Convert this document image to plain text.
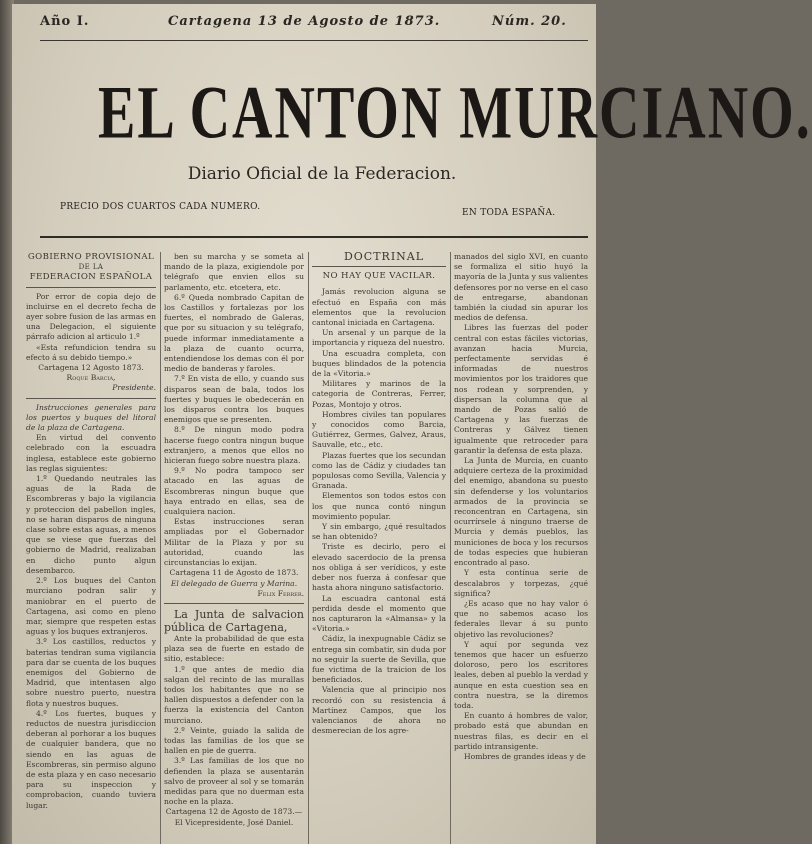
Año I.	Cartagena 13 de Agosto de 1873.	Núm. 20.
EL CANTON MURCIANO.
Diario Oficial de la Federacion.
PRECIO DOS CUARTOS CADA NUMERO.
EN TODA ESPAÑA.

GOBIERNO PROVISIONAL

DE LA

FEDERACION ESPAÑOLA

Por error de copia dejo de incluirse en el decreto fecha de ayer sobre fusion de las armas en una Delegacion, el siguiente párrafo adicion al articulo 1.º

«Esta refundicion tendra su efecto á su debido tiempo.»

Cartagena 12 Agosto 1873.

Roque Barcia,

Presidente.

Instrucciones generales para los puertos y buques del litoral de la plaza de Cartagena.

En virtud del convento celebrado con la escuadra inglesa, establece este gobierno las reglas siguientes:

1.º Quedando neutrales las aguas de la Rada de Escombreras y bajo la vigilancia y proteccion del pabellon ingles, no se haran disparos de ninguna clase sobre estas aguas, a menos que se viese que fuerzas del gobierno de Madrid, realizaban en dicho punto algun desembarco.

2.º Los buques del Canton murciano podran salir y maniobrar en el puerto de Cartagena, asi como en pleno mar, siempre que respeten estas aguas y los buques extranjeros.

3.º Los castillos, reductos y baterias tendran suma vigilancia para dar se cuenta de los buques enemigos del Gobierno de Madrid, que intentasen algo sobre nuestro puerto, nuestra flota y nuestros buques.

4.º Los fuertes, buques y reductos de nuestra jurisdiccion deberan al porhorar a los buques de cualquier bandera, que no siendo en las aguas de Escombreras, sin permiso alguno de esta plaza y en caso necesario para su inspeccion y comprobacion, cuando tuviera lugar.

ben su marcha y se someta al mando de la plaza, exigiendole por telégrafo que envien ellos su parlamento, etc. etcetera, etc.

6.º Queda nombrado Capitan de los Castillos y fortalezas por los fuertes, el nombrado de Galeras, que por su situacion y su telégrafo, puede informar inmediatamente a la plaza de cuanto ocurra, entendiendose los demas con él por medio de banderas y faroles.

7.º En vista de ello, y cuando sus disparos sean de bala, todos los fuertes y buques le obedecerán en los disparos contra los buques enemigos que se presenten.

8.º De ningun modo podra hacerse fuego contra ningun buque extranjero, a menos que ellos no hicieran fuego sobre nuestra plaza.

9.º No podra tampoco ser atacado en las aguas de Escombreras ningun buque que haya entrado en ellas, sea de cualquiera nacion.

Estas instrucciones seran ampliadas por el Gobernador Militar de la Plaza y por su autoridad, cuando las circunstancias lo exijan.

Cartagena 11 de Agosto de 1873.

El delegado de Guerra y Marina.

Felix Ferrer.

La Junta de salvacion pública de Cartagena,

Ante la probabilidad de que esta plaza sea de fuerte en estado de sitio, establece:

1.º que antes de medio dia salgan del recinto de las murallas todos los habitantes que no se hallen dispuestos a defender con la fuerza la existencia del Canton murciano.

2.º Veinte, guiado la salida de todas las familias de los que se hallen en pie de guerra.

3.º Las familias de los que no defienden la plaza se ausentarán salvo de proveer al sol y se tomarán medidas para que no duerman esta noche en la plaza.

Cartagena 12 de Agosto de 1873.—

El Vicepresidente, José Daniel.

DOCTRINAL

NO HAY QUE VACILAR.

Jamás revolucion alguna se efectuó en España con más elementos que la revolucion cantonal iniciada en Cartagena.

Un arsenal y un parque de la importancia y riqueza del nuestro.

Una escuadra completa, con buques blindados de la potencia de la «Vitoria.»

Militares y marinos de la categoria de Contreras, Ferrer, Pozas, Montojo y otros.

Hombres civiles tan populares y conocidos como Barcia, Gutiérrez, Germes, Galvez, Araus, Sauvalle, etc., etc.

Plazas fuertes que los secundan como las de Cádiz y ciudades tan populosas como Sevilla, Valencia y Granada.

Elementos son todos estos con los que nunca contó ningun movimiento popular.

Y sin embargo, ¿qué resultados se han obtenido?

Triste es decirlo, pero el elevado sacerdocio de la prensa nos obliga á ser verídicos, y este deber nos fuerza á confesar que hasta ahora ninguno satisfactorio.

La escuadra cantonal está perdida desde el momento que nos capturaron la «Almansa» y la «Vitoria.»

Cádiz, la inexpugnable Cádiz se entrega sin combatir, sin duda por no seguir la suerte de Sevilla, que fue victima de la traicion de los beneficiados.

Valencia que al principio nos recordó con su resistencia á Martínez Campos, que los valencianos de ahora no desmerecian de los agre-

manados del siglo XVI, en cuanto se formaliza el sitio huyó la mayoría de la Junta y sus valientes defensores por no verse en el caso de entregarse, abandonan también la ciudad sin apurar los medios de defensa.

Libres las fuerzas del poder central con estas fáciles victorias, avanzan hacia Murcia, perfectamente servidas é informadas de nuestros movimientos por los traidores que nos rodean y sorprenden, y dispersan la columna que al mando de Pozas salió de Cartagena y las fuerzas de Contreras y Gálvez tienen igualmente que retroceder para garantir la defensa de esta plaza.

La Junta de Murcia, en cuanto adquiere certeza de la proximidad del enemigo, abandona su puesto sin defenderse y los voluntarios armados de la provincia se reconcentran en Cartagena, sin ocurrírsele á ninguno traerse de Murcia y demás pueblos, las municiones de boca y los recursos de todas especies que hubieran encontrado al paso.

Y esta contínua serie de descalabros y torpezas, ¿qué significa?

¿Es acaso que no hay valor ó que no sabemos acaso los federales llevar á su punto objetivo las revoluciones?

Y aquí por segunda vez tenemos que hacer un esfuerzo doloroso, pero los escritores leales, deben al pueblo la verdad y aunque en esta cuestion sea en contra nuestra, se la diremos toda.

En cuanto á hombres de valor, probado está que abundan en nuestras filas, es decir en el partido intransigente.

Hombres de grandes ideas y de
